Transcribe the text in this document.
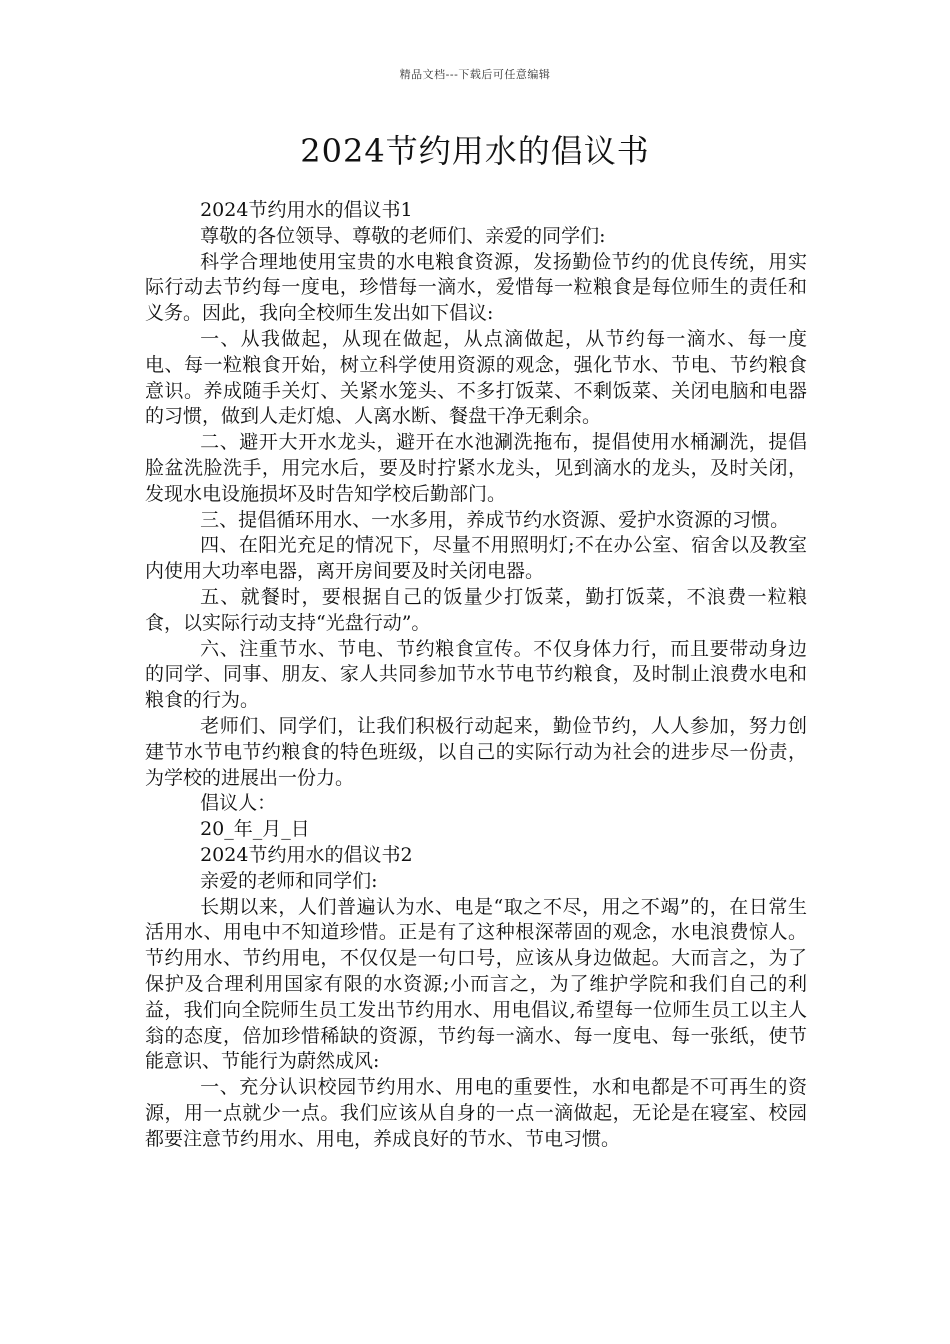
精品文档---下载后可任意编辑
2024节约用水的倡议书

2024节约用水的倡议书1

尊敬的各位领导、尊敬的老师们、亲爱的同学们:

科学合理地使用宝贵的水电粮食资源，发扬勤俭节约的优良传统，用实际行动去节约每一度电，珍惜每一滴水，爱惜每一粒粮食是每位师生的责任和义务。因此，我向全校师生发出如下倡议:

一、从我做起，从现在做起，从点滴做起，从节约每一滴水、每一度电、每一粒粮食开始，树立科学使用资源的观念，强化节水、节电、节约粮食意识。养成随手关灯、关紧水笼头、不多打饭菜、不剩饭菜、关闭电脑和电器的习惯，做到人走灯熄、人离水断、餐盘干净无剩余。

二、避开大开水龙头，避开在水池涮洗拖布，提倡使用水桶涮洗，提倡脸盆洗脸洗手，用完水后，要及时拧紧水龙头，见到滴水的龙头，及时关闭，发现水电设施损坏及时告知学校后勤部门。

三、提倡循环用水、一水多用，养成节约水资源、爱护水资源的习惯。

四、在阳光充足的情况下，尽量不用照明灯;不在办公室、宿舍以及教室内使用大功率电器，离开房间要及时关闭电器。

五、就餐时，要根据自己的饭量少打饭菜，勤打饭菜，不浪费一粒粮食，以实际行动支持“光盘行动”。

六、注重节水、节电、节约粮食宣传。不仅身体力行，而且要带动身边的同学、同事、朋友、家人共同参加节水节电节约粮食，及时制止浪费水电和粮食的行为。

老师们、同学们，让我们积极行动起来，勤俭节约，人人参加，努力创建节水节电节约粮食的特色班级，以自己的实际行动为社会的进步尽一份责，为学校的进展出一份力。

倡议人：

20_年_月_日

2024节约用水的倡议书2

亲爱的老师和同学们:

长期以来，人们普遍认为水、电是“取之不尽，用之不竭”的，在日常生活用水、用电中不知道珍惜。正是有了这种根深蒂固的观念，水电浪费惊人。节约用水、节约用电，不仅仅是一句口号，应该从身边做起。大而言之，为了保护及合理利用国家有限的水资源;小而言之，为了维护学院和我们自己的利益，我们向全院师生员工发出节约用水、用电倡议,希望每一位师生员工以主人翁的态度，倍加珍惜稀缺的资源，节约每一滴水、每一度电、每一张纸，使节能意识、节能行为蔚然成风:

一、充分认识校园节约用水、用电的重要性，水和电都是不可再生的资源，用一点就少一点。我们应该从自身的一点一滴做起，无论是在寝室、校园都要注意节约用水、用电，养成良好的节水、节电习惯。
